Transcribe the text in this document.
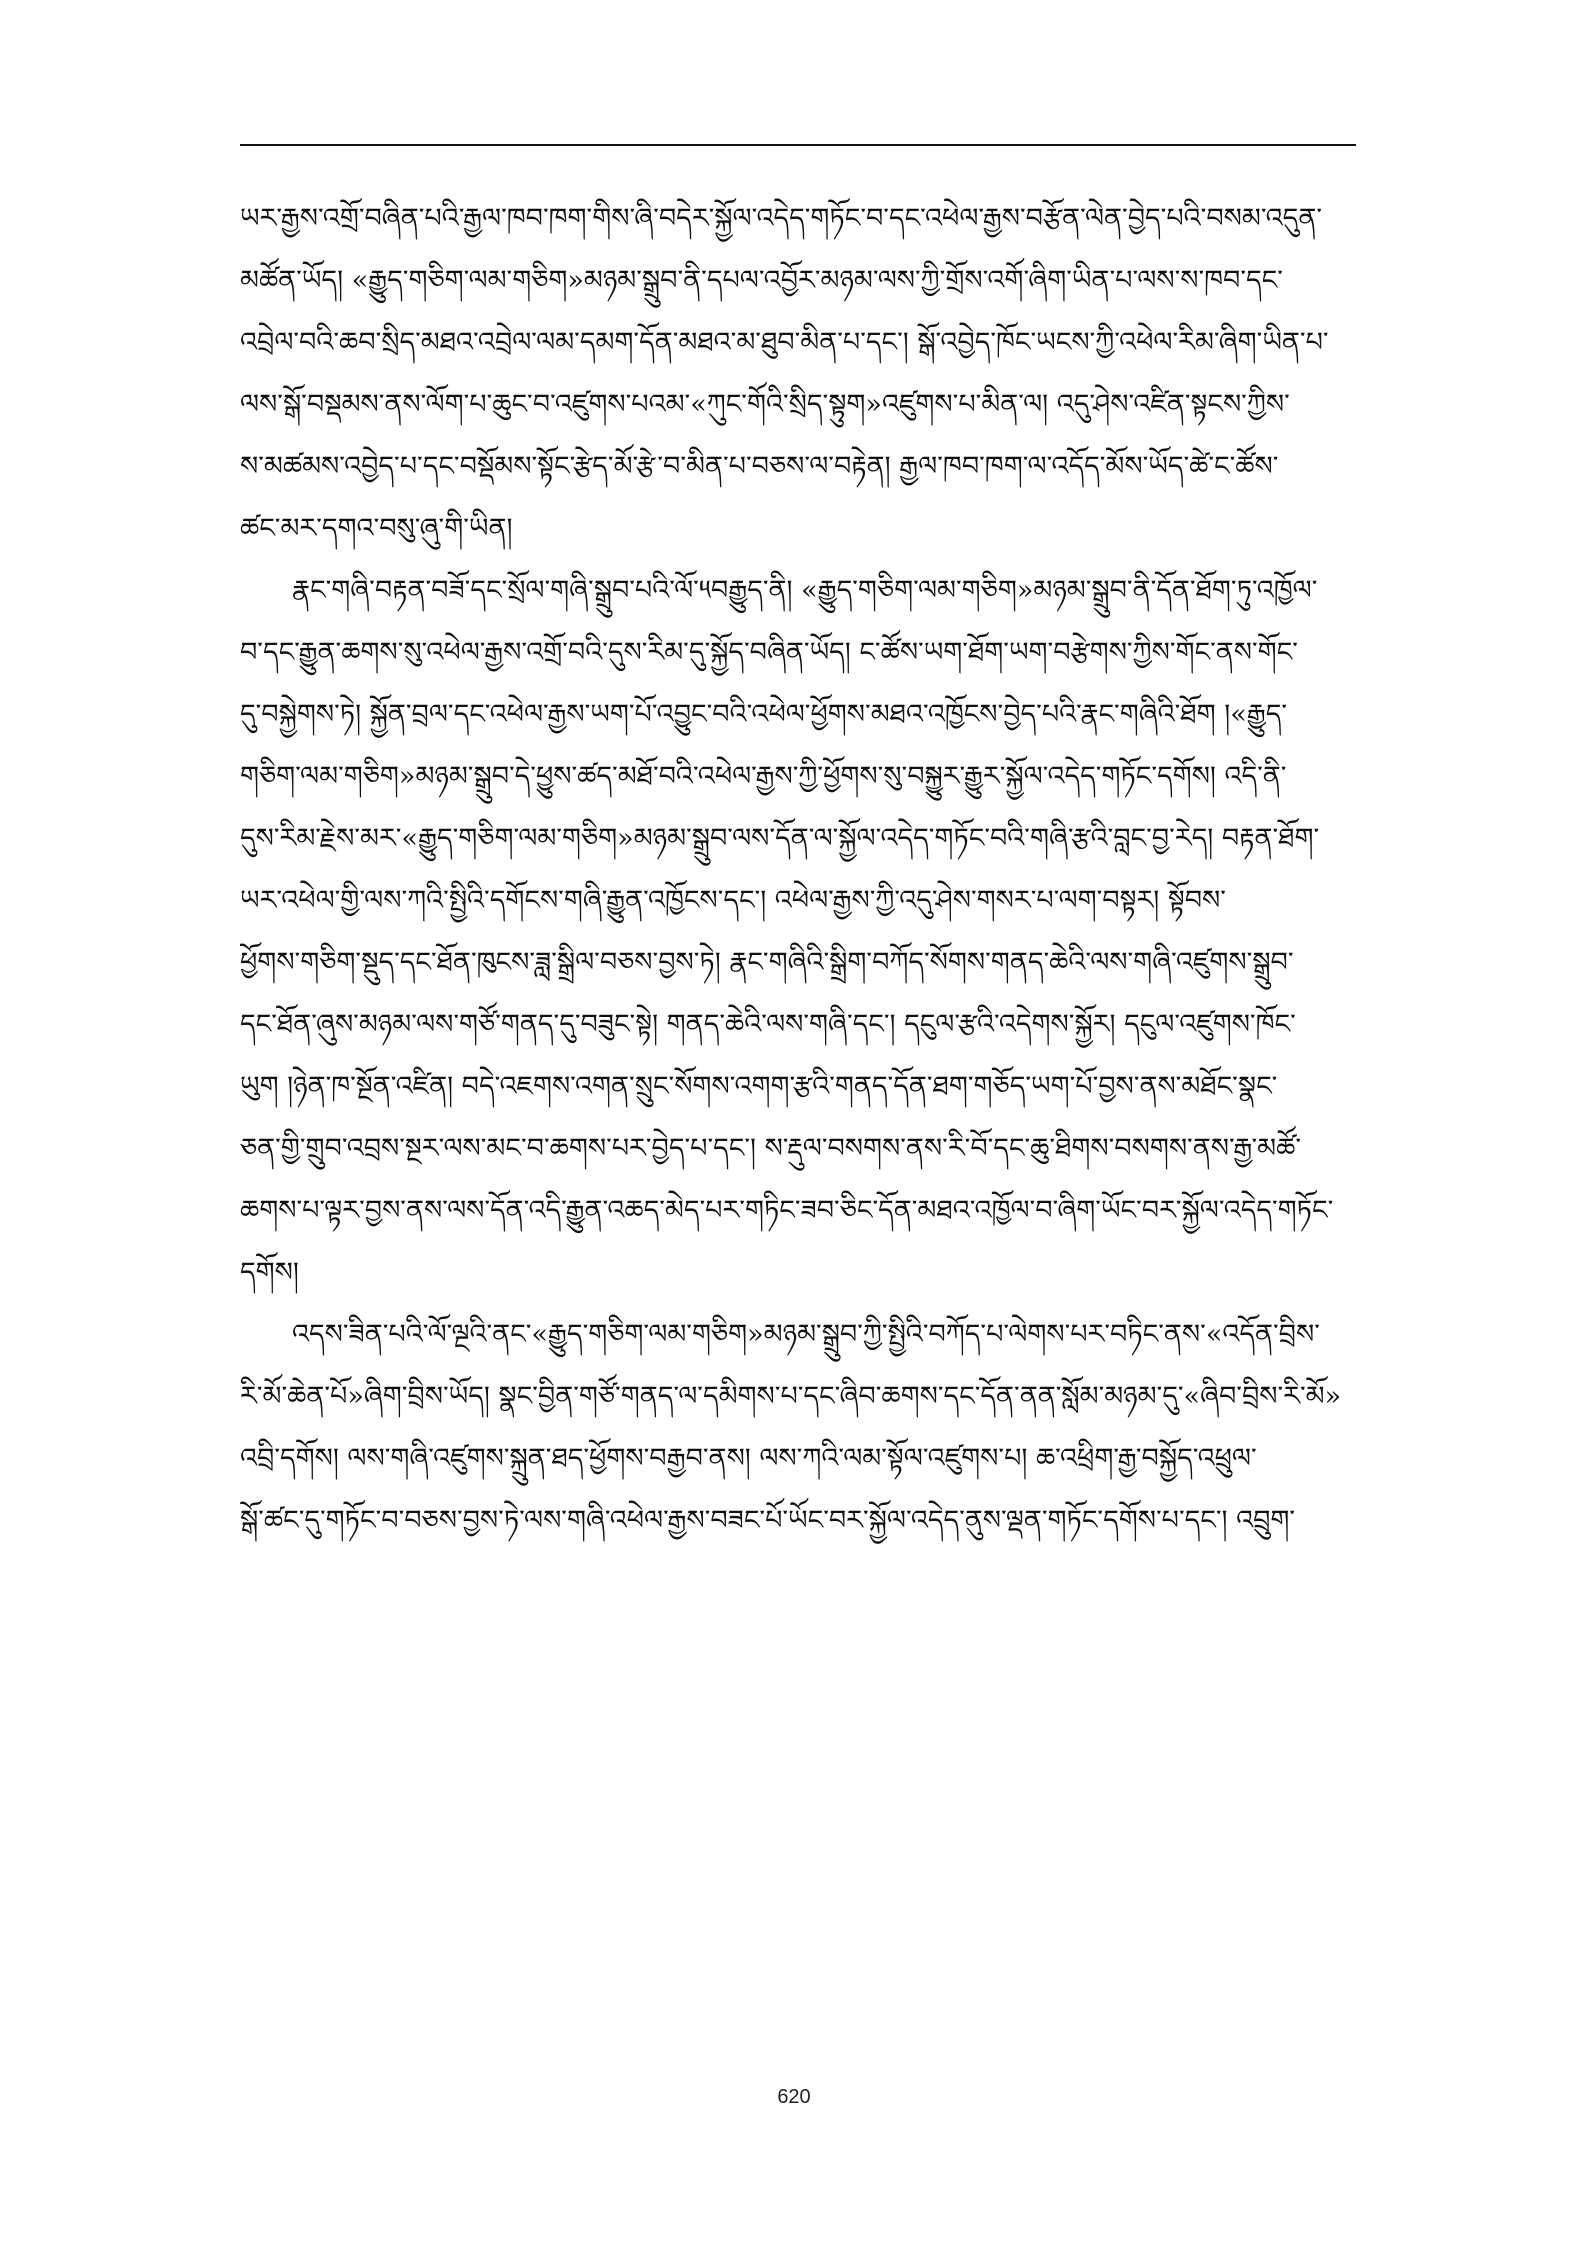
ཡར་རྒྱས་འགྲོ་བཞིན་པའི་རྒྱལ་ཁབ་ཁག་གིས་ཞི་བདེར་སྐྱོལ་འདེད་གཏོང་བ་དང་འཕེལ་རྒྱས་བརྩོན་ལེན་བྱེད་པའི་བསམ་འདུན་
མཚོན་ཡོད། «རྒྱུད་གཅིག་ལམ་གཅིག»མཉམ་སྒྲུབ་ནི་དཔལ་འབྱོར་མཉམ་ལས་ཀྱི་གྲོས་འགོ་ཞིག་ཡིན་པ་ལས་ས་ཁབ་དང་
འབྲེལ་བའི་ཆབ་སྲིད་མཐའ་འབྲེལ་ལམ་དམག་དོན་མཐའ་མ་ཐུབ་མིན་པ་དང་། སྒོ་འབྱེད་ཁོང་ཡངས་ཀྱི་འཕེལ་རིམ་ཞིག་ཡིན་པ་
ལས་སྒོ་བསྡམས་ནས་ལོག་པ་ཆུང་བ་འཛུགས་པའམ་«ཀུང་གོའི་སྲིད་སྟུག»འཛུགས་པ་མིན་ལ། འདུ་ཤེས་འཛིན་སྟངས་ཀྱིས་
ས་མཚམས་འབྱེད་པ་དང་བསྡོམས་སྟོང་རྩེད་མོ་རྩེ་བ་མིན་པ་བཅས་ལ་བརྟེན། རྒྱལ་ཁབ་ཁག་ལ་འདོད་མོས་ཡོད་ཚེ་ང་ཚོས་
ཚང་མར་དགའ་བསུ་ཞུ་གི་ཡིན།
རྣང་གཞི་བརྟན་བཟོ་དང་སྲོལ་གཞི་སྒྲུབ་པའི་ལོ་༥བརྒྱུད་ནི། «རྒྱུད་གཅིག་ལམ་གཅིག»མཉམ་སྒྲུབ་ནི་དོན་ཐོག་ཏུ་འཁྱོལ་
བ་དང་རྒྱུན་ཆགས་སུ་འཕེལ་རྒྱས་འགྲོ་བའི་དུས་རིམ་དུ་སྐྱོད་བཞིན་ཡོད། ང་ཚོས་ཡག་ཐོག་ཡག་བརྩེགས་ཀྱིས་གོང་ནས་གོང་
དུ་བསྐྱེགས་ཏེ། སྐྱོན་བྲལ་དང་འཕེལ་རྒྱས་ཡག་པོ་འབྱུང་བའི་འཕེལ་ཕྱོགས་མཐའ་འཁྱོངས་བྱེད་པའི་རྣང་གཞིའི་ཐོག །«རྒྱུད་
གཅིག་ལམ་གཅིག»མཉམ་སྒྲུབ་དེ་ཕྱུས་ཚད་མཐོ་བའི་འཕེལ་རྒྱས་ཀྱི་ཕྱོགས་སུ་བསྐྱུར་རྒྱུར་སྐྱོལ་འདེད་གཏོང་དགོས། འདི་ནི་
དུས་རིམ་རྗེས་མར་«རྒྱུད་གཅིག་ལམ་གཅིག»མཉམ་སྒྲུབ་ལས་དོན་ལ་སྐྱོལ་འདེད་གཏོང་བའི་གཞི་རྩའི་བླང་བྱ་རེད། བརྟན་ཐོག་
ཡར་འཕེལ་གྱི་ལས་ཀའི་སྤྱིའི་དགོངས་གཞི་རྒྱུན་འཁྱོངས་དང་། འཕེལ་རྒྱས་ཀྱི་འདུ་ཤེས་གསར་པ་ལག་བསྟར། སྟོབས་
ཕྱོགས་གཅིག་སྡུད་དང་ཐོན་ཁུངས་ཟླ་སྒྲིལ་བཅས་བྱས་ཏེ། རྣང་གཞིའི་སྒྲིག་བཀོད་སོགས་གནད་ཆེའི་ལས་གཞི་འཛུགས་སྒྲུབ་
དང་ཐོན་ཞུས་མཉམ་ལས་གཙོ་གནད་དུ་བཟུང་སྟེ། གནད་ཆེའི་ལས་གཞི་དང་། དངུལ་རྩའི་འདེགས་སྐྱོར། དངུལ་འཛུགས་ཁོང་
ཡུག །ཉེན་ཁ་སྔོན་འཛིན། བདེ་འཇགས་འགན་སྲུང་སོགས་འགག་རྩའི་གནད་དོན་ཐག་གཅོད་ཡག་པོ་བྱས་ནས་མཐོང་སྣང་
ཅན་གྱི་གྲུབ་འབྲས་སྔར་ལས་མང་བ་ཆགས་པར་བྱེད་པ་དང་། ས་རྡུལ་བསགས་ནས་རི་བོ་དང་ཆུ་ཐིགས་བསགས་ནས་རྒྱ་མཚོ་
ཆགས་པ་ལྟར་བྱས་ནས་ལས་དོན་འདི་རྒྱུན་འཆད་མེད་པར་གཏིང་ཟབ་ཅིང་དོན་མཐའ་འཁྱོལ་བ་ཞིག་ཡོང་བར་སྐྱོལ་འདེད་གཏོང་
དགོས།
འདས་ཟིན་པའི་ལོ་ལྔའི་ནང་«རྒྱུད་གཅིག་ལམ་གཅིག»མཉམ་སྒྲུབ་ཀྱི་སྤྱིའི་བཀོད་པ་ལེགས་པར་བཏིང་ནས་«འདོན་བྲིས་
རི་མོ་ཆེན་པོ»ཞིག་བྲིས་ཡོད། སྣང་བྱིན་གཙོ་གནད་ལ་དམིགས་པ་དང་ཞིབ་ཆགས་དང་དོན་ནན་སློམ་མཉམ་དུ་«ཞིབ་བྲིས་རི་མོ»
འབྲི་དགོས། ལས་གཞི་འཛུགས་སྐྲུན་ཐད་ཕྱོགས་བརྒྱབ་ནས། ལས་ཀའི་ལམ་སྟོལ་འཛུགས་པ། ཆ་འཕྲིག་རྒྱ་བསྐྱོད་འཕྲུལ་
སྒོ་ཚང་དུ་གཏོང་བ་བཅས་བྱས་ཏེ་ལས་གཞི་འཕེལ་རྒྱས་བཟང་པོ་ཡོང་བར་སྐྱོལ་འདེད་ནུས་ལྡན་གཏོང་དགོས་པ་དང་། འབྲུག་
620
